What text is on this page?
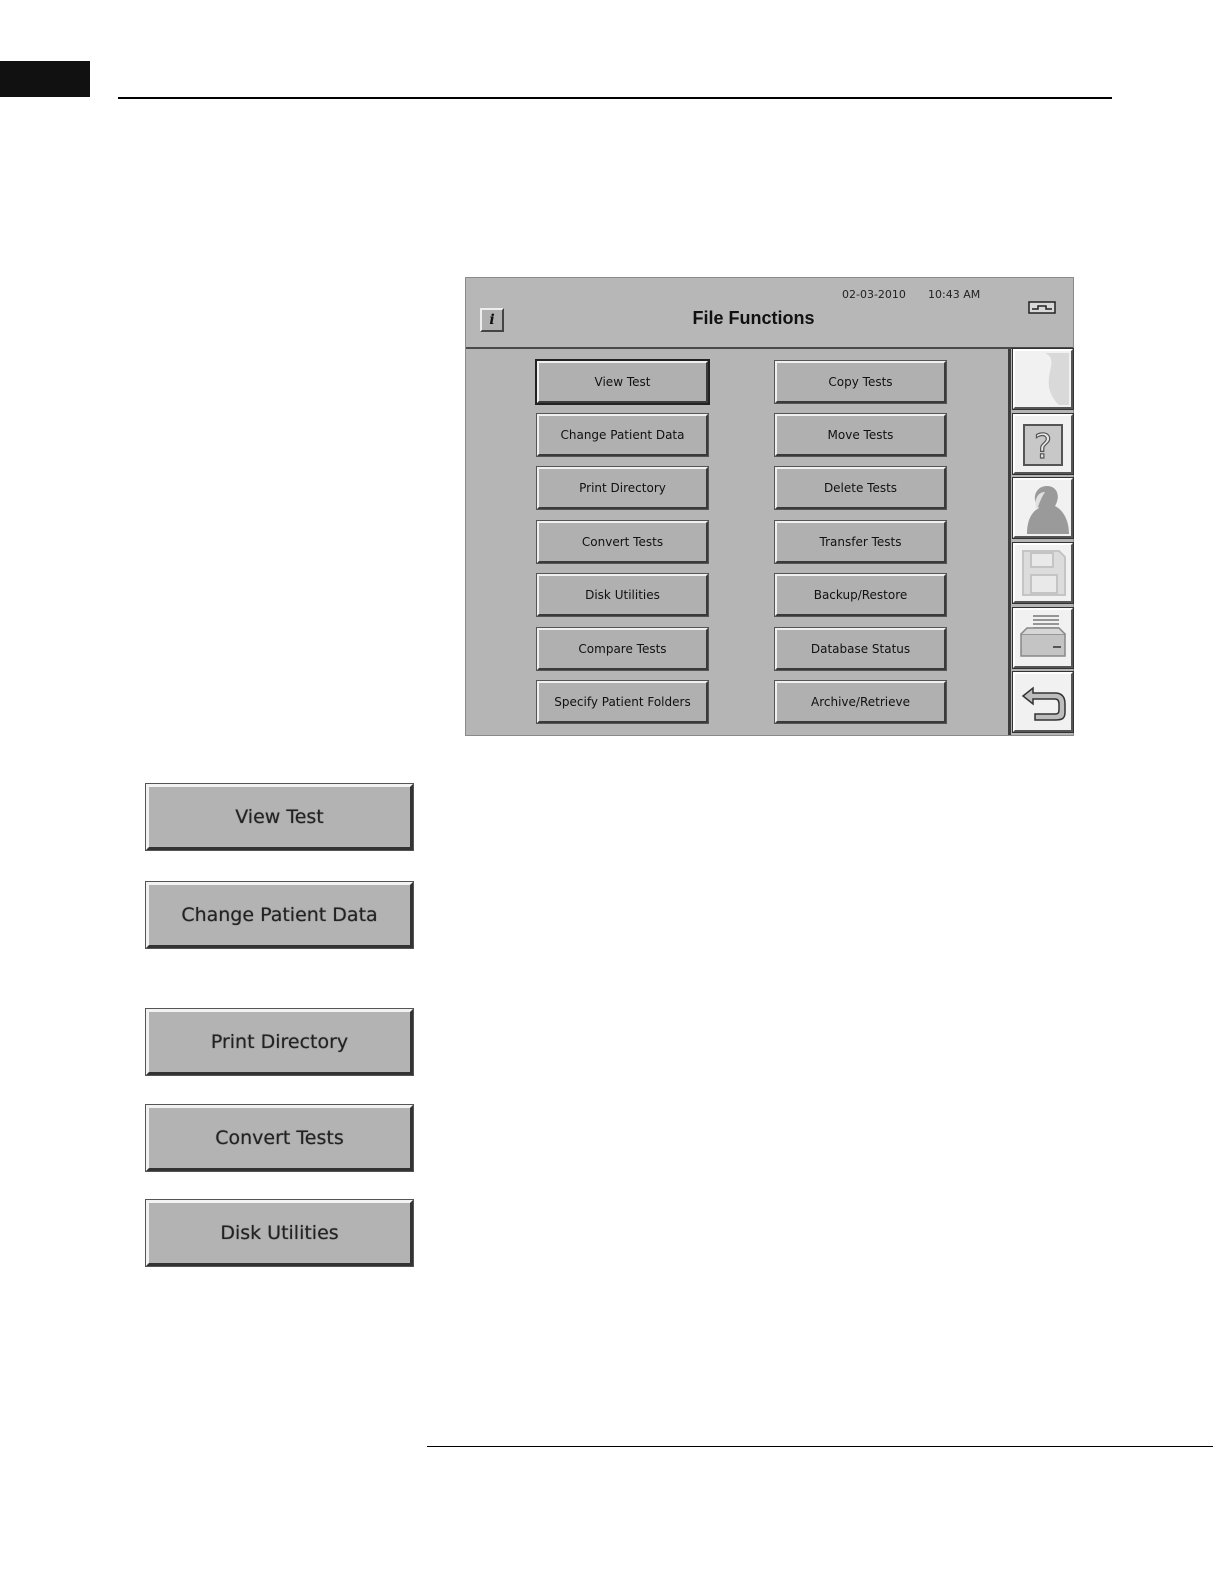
02-03-2010 10:43 AM
i	File Functions
View Test
Change Patient Data
Print Directory
Convert Tests
Disk Utilities
Compare Tests
Specify Patient Folders
Copy Tests
Move Tests
Delete Tests
Transfer Tests
Backup/Restore
Database Status
Archive/Retrieve
?
View Test
Change Patient Data
Print Directory
Convert Tests
Disk Utilities
